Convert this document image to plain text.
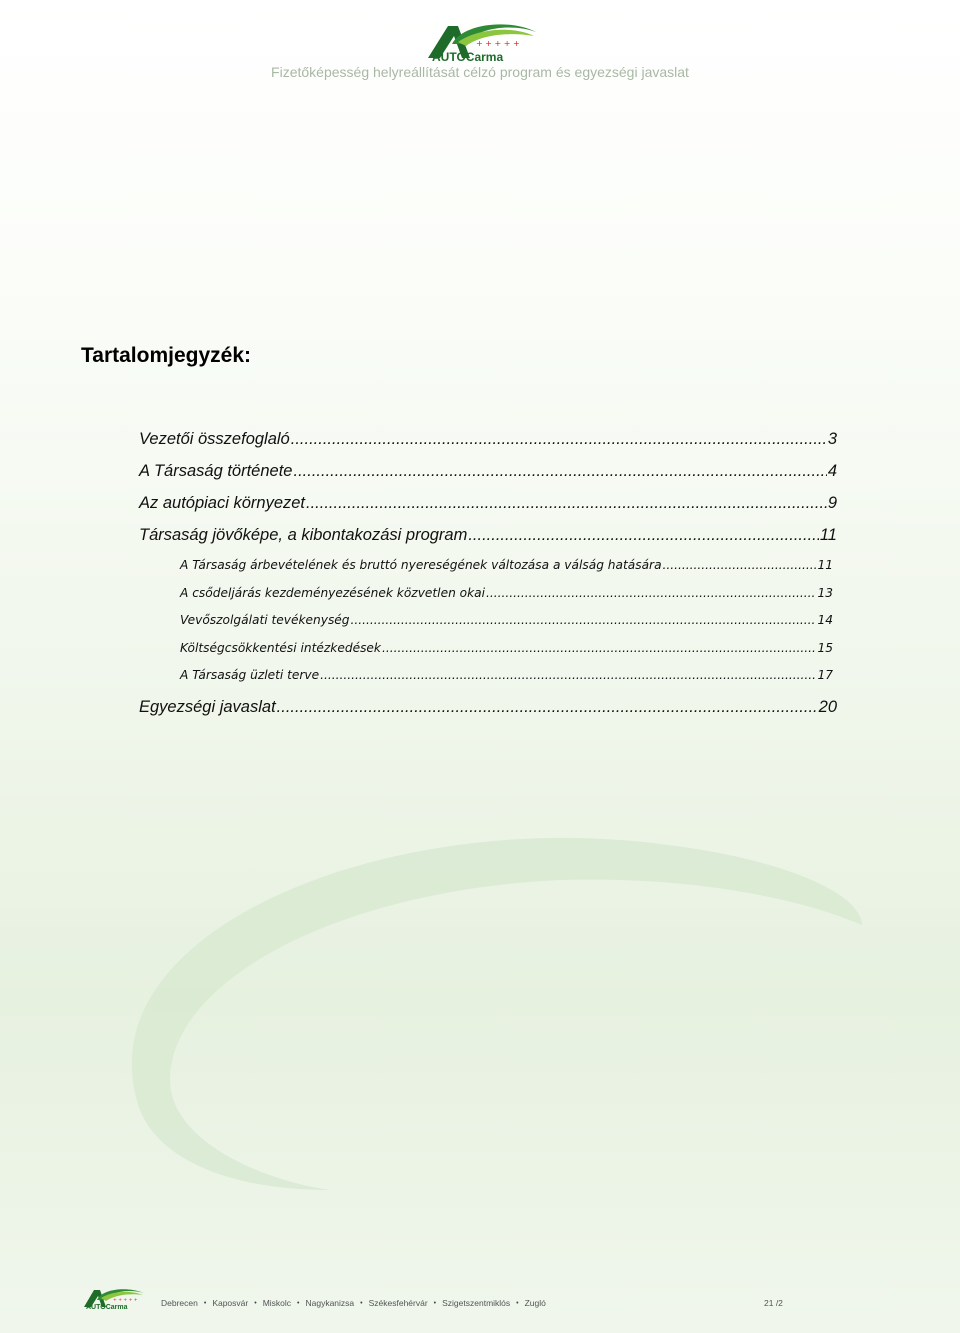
+ + + + +
AUTOCarma
Fizetőképesség helyreállítását célzó program és egyezségi javaslat
Tartalomjegyzék:
Vezetői összefoglaló .....	3
A Társaság története .....	4
Az autópiaci környezet .....	9
Társaság jövőképe, a kibontakozási program .....	11
A Társaság árbevételének és bruttó nyereségének változása a válság hatására .....	11
A csődeljárás kezdeményezésének közvetlen okai .....	13
Vevőszolgálati tevékenység .....	14
Költségcsökkentési intézkedések .....	15
A Társaság üzleti terve .....	17
Egyezségi javaslat .....	20
+ + + + +
AUTOCarma	Debrecen • Kaposvár • Miskolc • Nagykanizsa • Székesfehérvár • Szigetszentmiklós • Zugló	21 /2
